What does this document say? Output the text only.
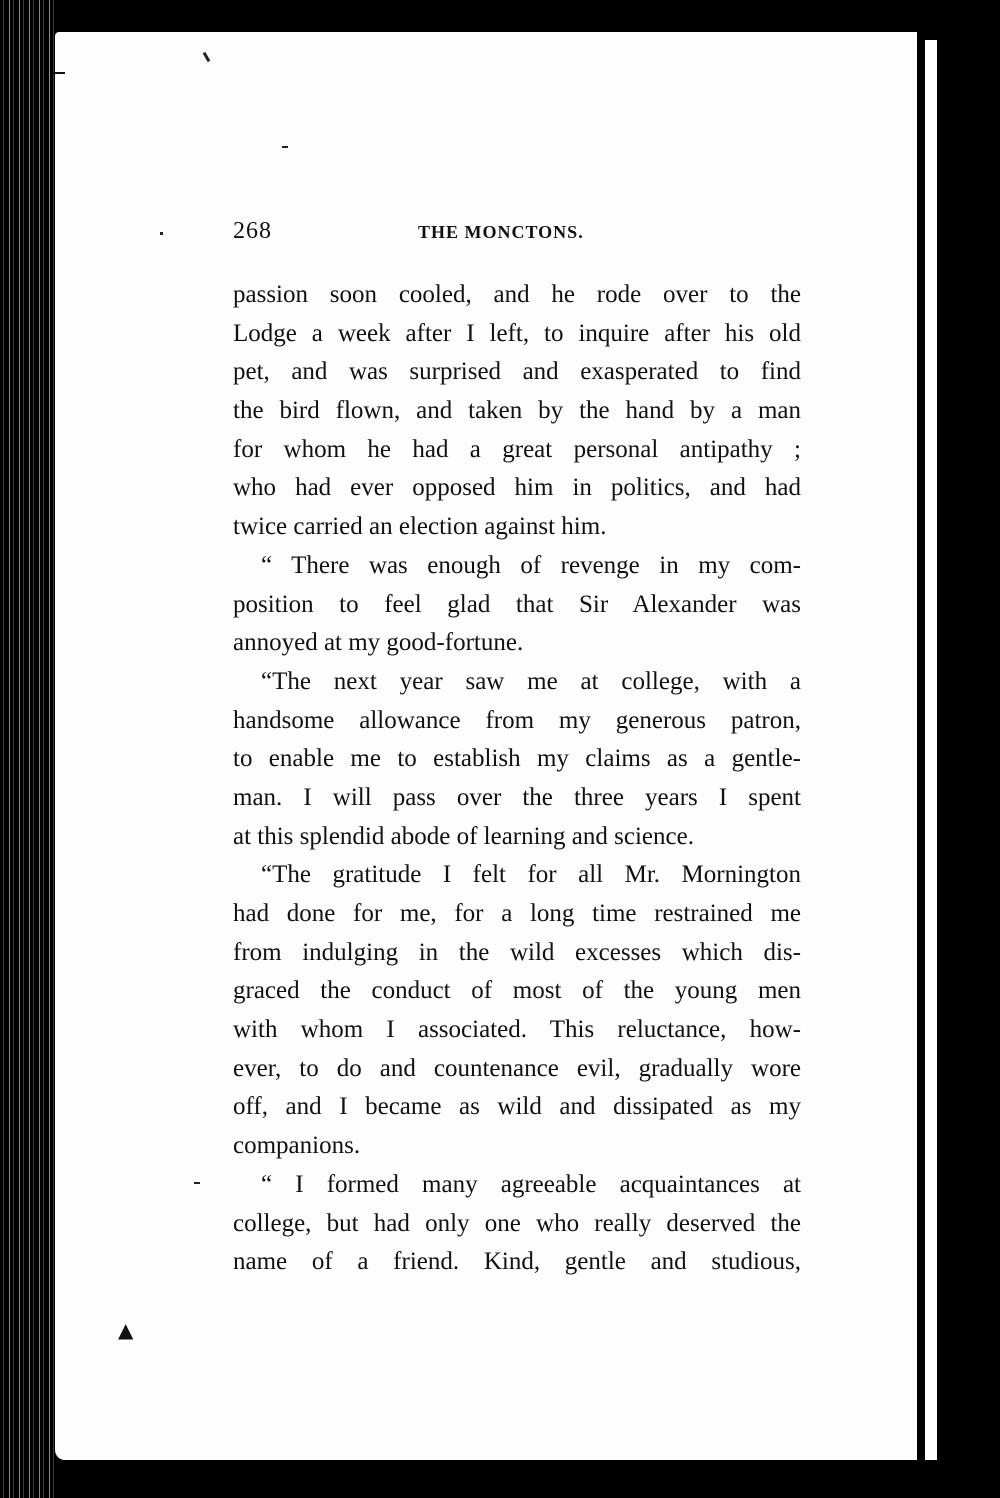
268	THE MONCTONS.
passion soon cooled, and he rode over to the
Lodge a week after I left, to inquire after his old
pet, and was surprised and exasperated to find
the bird flown, and taken by the hand by a man
for whom he had a great personal antipathy ;
who had ever opposed him in politics, and had
twice carried an election against him.
“ There was enough of revenge in my com-
position to feel glad that Sir Alexander was
annoyed at my good-fortune.
“The next year saw me at college, with a
handsome allowance from my generous patron,
to enable me to establish my claims as a gentle-
man. I will pass over the three years I spent
at this splendid abode of learning and science.
“The gratitude I felt for all Mr. Mornington
had done for me, for a long time restrained me
from indulging in the wild excesses which dis-
graced the conduct of most of the young men
with whom I associated. This reluctance, how-
ever, to do and countenance evil, gradually wore
off, and I became as wild and dissipated as my
companions.
“ I formed many agreeable acquaintances at
college, but had only one who really deserved the
name of a friend. Kind, gentle and studious,
▲
